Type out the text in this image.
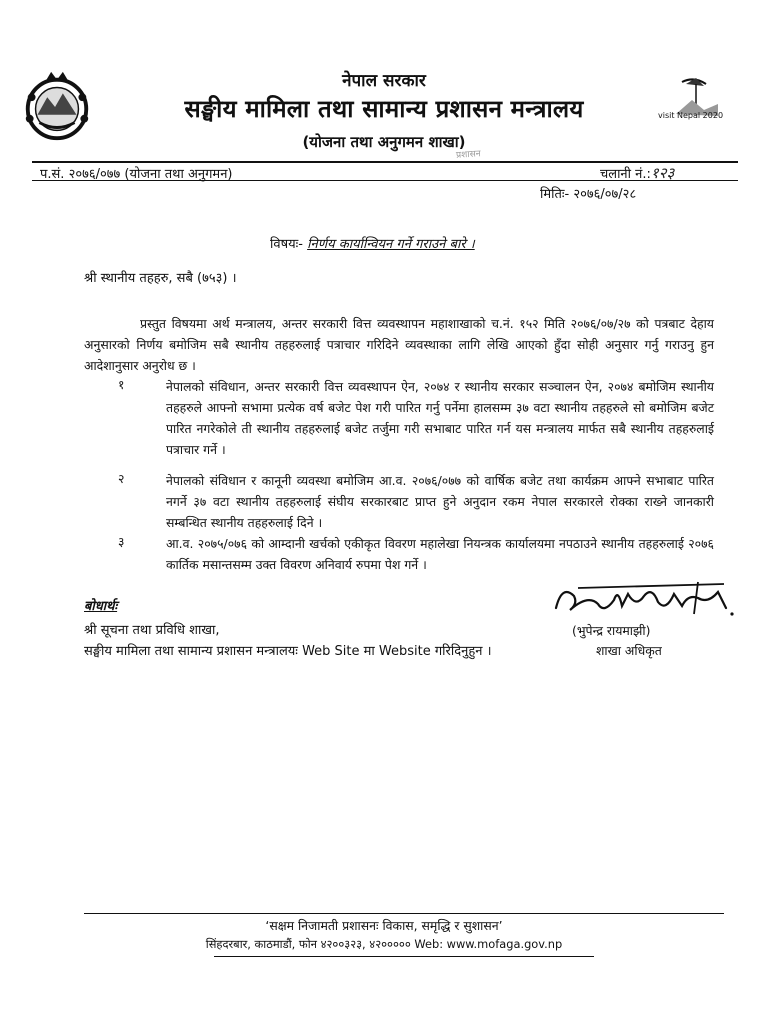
visit Nepal 2020
नेपाल सरकार
सङ्घीय मामिला तथा सामान्य प्रशासन मन्त्रालय
(योजना तथा अनुगमन शाखा)
प्रशासन
प.सं. २०७६/०७७ (योजना तथा अनुगमन)	चलानी नं.:१२३
मितिः- २०७६/०७/२८
विषयः- निर्णय कार्यान्वियन गर्ने गराउने बारे ।
श्री स्थानीय तहहरु, सबै (७५३) ।
प्रस्तुत विषयमा अर्थ मन्त्रालय, अन्तर सरकारी वित्त व्यवस्थापन महाशाखाको च.नं. १५२ मिति २०७६/०७/२७ को पत्रबाट देहाय अनुसारको निर्णय बमोजिम सबै स्थानीय तहहरुलाई पत्राचार गरिदिने व्यवस्थाका लागि लेखि आएको हुँदा सोही अनुसार गर्नु गराउनु हुन आदेशानुसार अनुरोध छ ।
१	नेपालको संविधान, अन्तर सरकारी वित्त व्यवस्थापन ऐन, २०७४ र स्थानीय सरकार सञ्चालन ऐन, २०७४ बमोजिम स्थानीय तहहरुले आफ्नो सभामा प्रत्येक वर्ष बजेट पेश गरी पारित गर्नु पर्नेमा हालसम्म ३७ वटा स्थानीय तहहरुले सो बमोजिम बजेट पारित नगरेकोले ती स्थानीय तहहरुलाई बजेट तर्जुमा गरी सभाबाट पारित गर्न यस मन्त्रालय मार्फत सबै स्थानीय तहहरुलाई पत्राचार गर्ने ।
२	नेपालको संविधान र कानूनी व्यवस्था बमोजिम आ.व. २०७६/०७७ को वार्षिक बजेट तथा कार्यक्रम आफ्ने सभाबाट पारित नगर्ने ३७ वटा स्थानीय तहहरुलाई संघीय सरकारबाट प्राप्त हुने अनुदान रकम नेपाल सरकारले रोक्का राख्ने जानकारी सम्बन्धित स्थानीय तहहरुलाई दिने ।
३	आ.व. २०७५/०७६ को आम्दानी खर्चको एकीकृत विवरण महालेखा नियन्त्रक कार्यालयमा नपठाउने स्थानीय तहहरुलाई २०७६ कार्तिक मसान्तसम्म उक्त विवरण अनिवार्य रुपमा पेश गर्ने ।
(भुपेन्द्र रायमाझी)
शाखा अधिकृत
बोधार्थः
श्री सूचना तथा प्रविधि शाखा,
सङ्घीय मामिला तथा सामान्य प्रशासन मन्त्रालयः Web Site मा Website गरिदिनुहुन ।
‘सक्षम निजामती प्रशासनः विकास, समृद्धि र सुशासन’
सिंहदरबार, काठमाडौं, फोन ४२००३२३, ४२००००० Web: www.mofaga.gov.np
